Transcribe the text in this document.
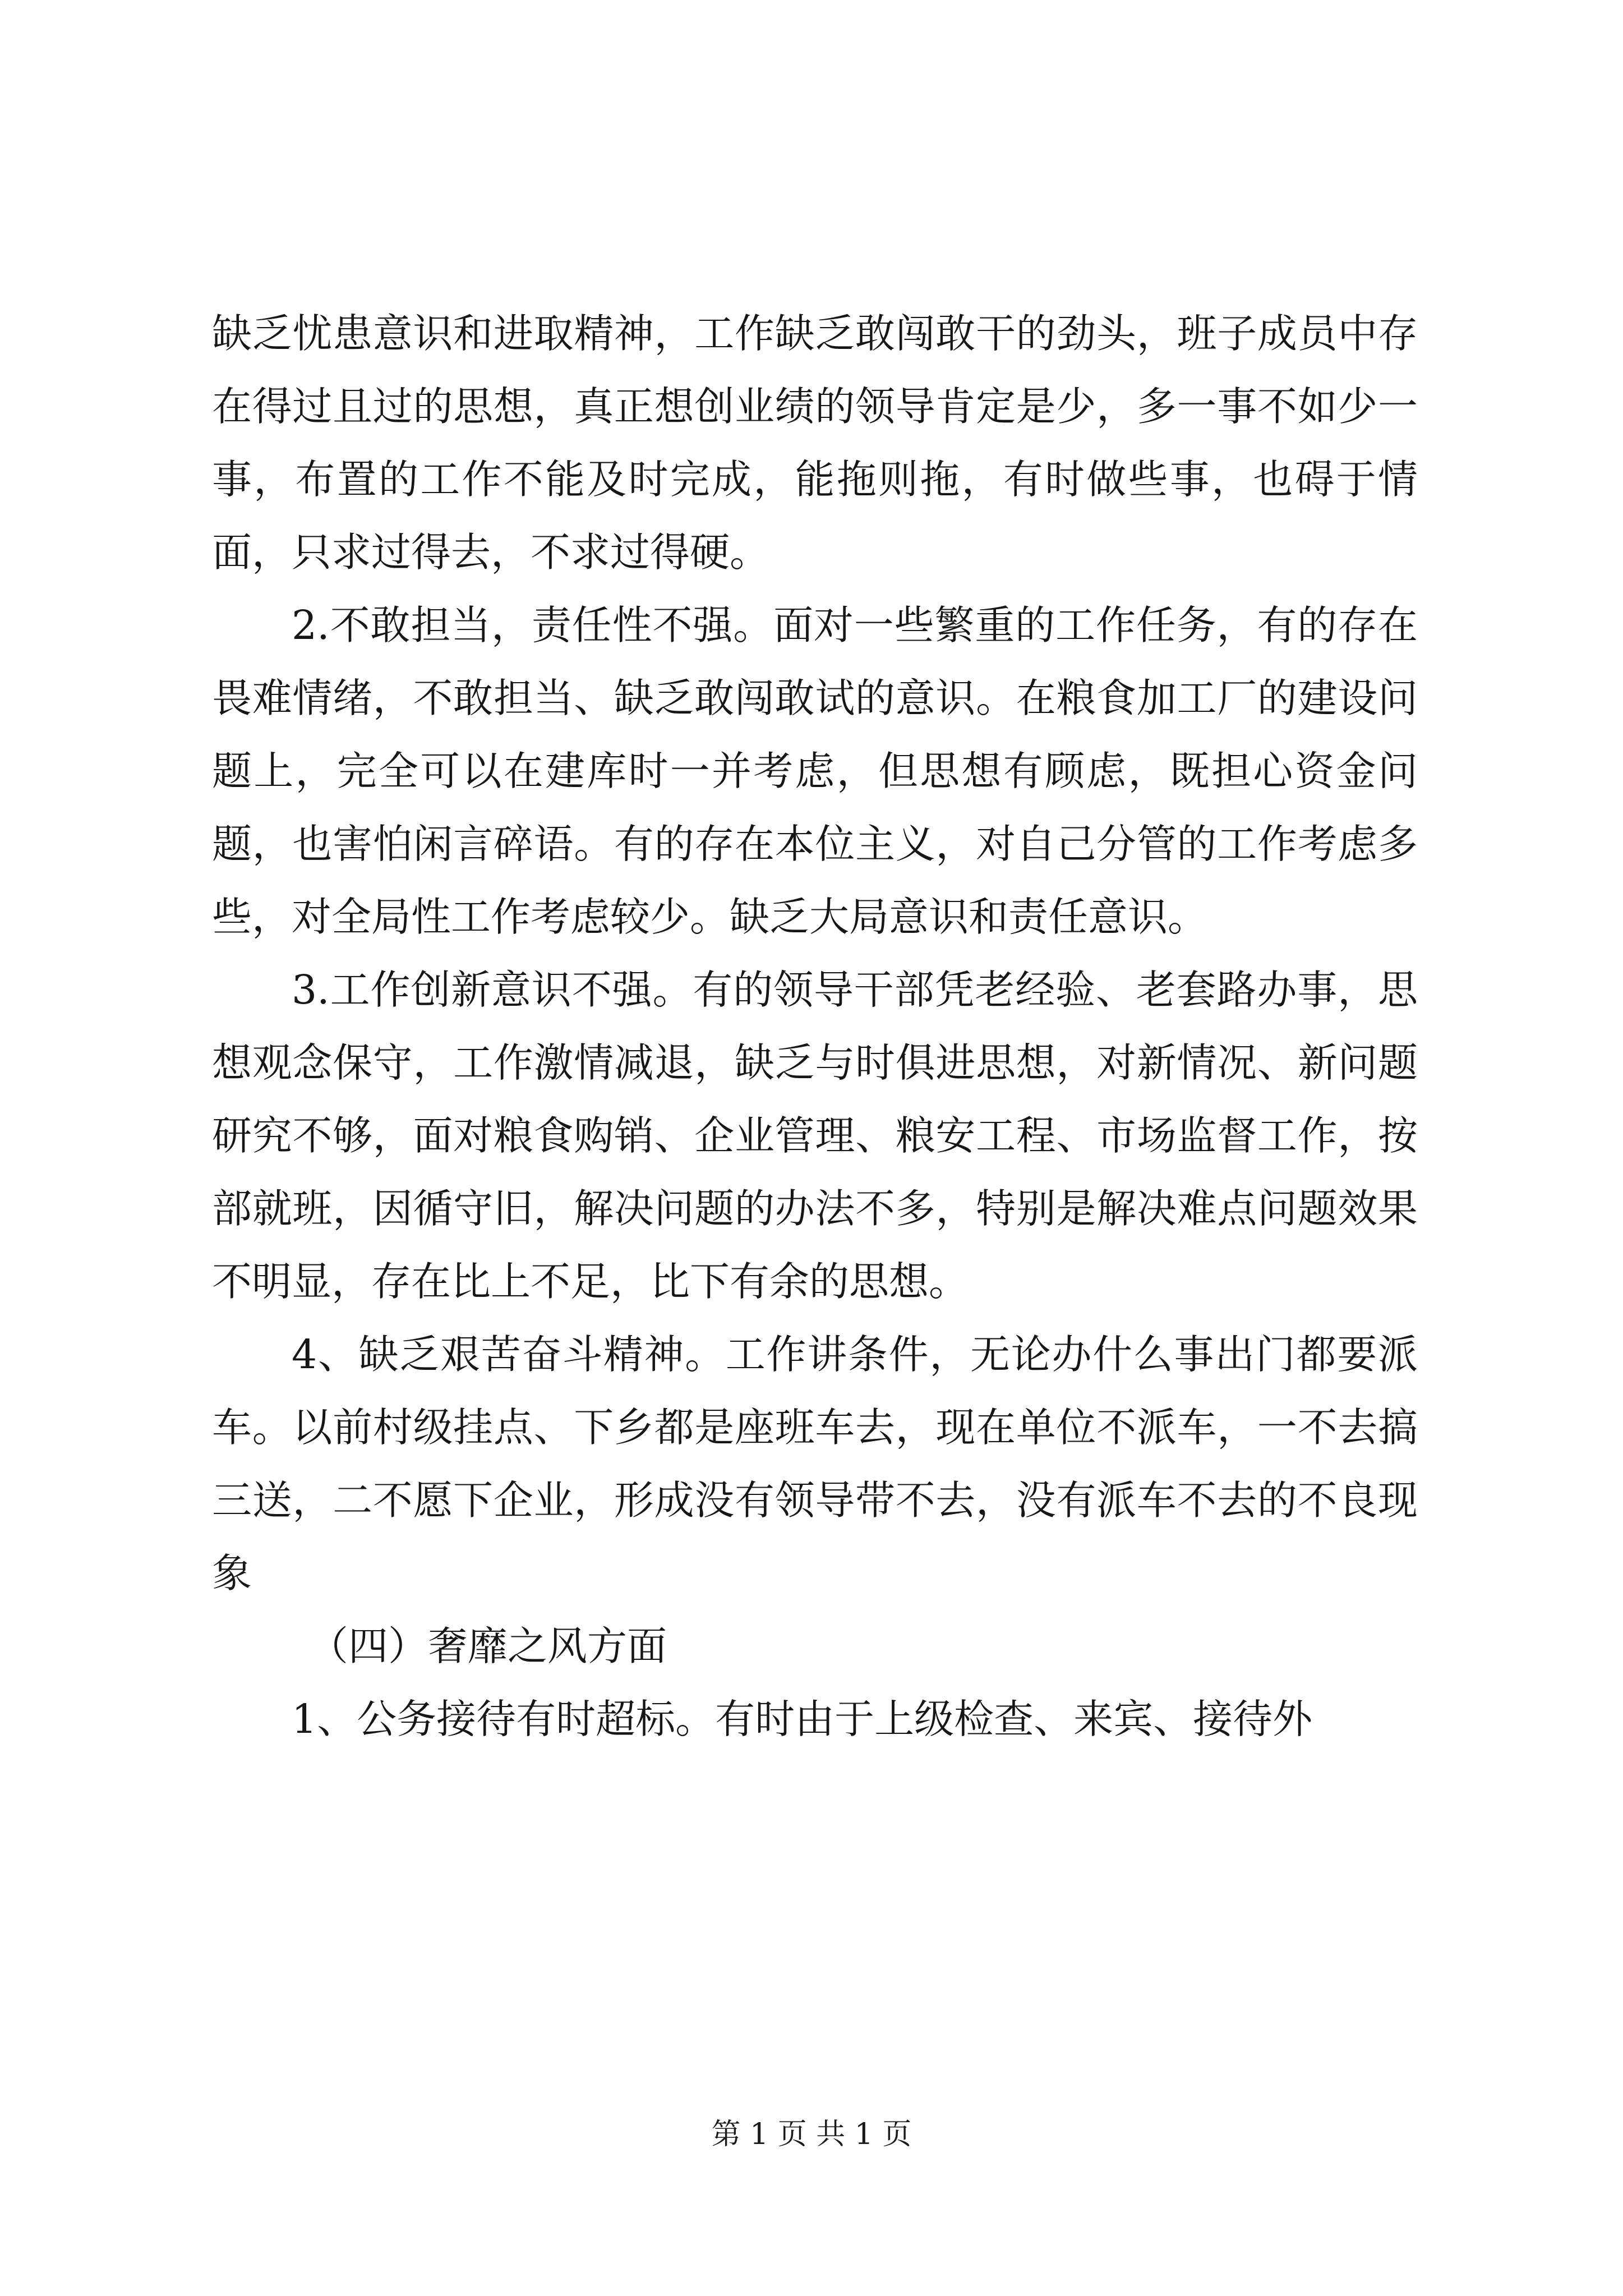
缺乏忧患意识和进取精神，工作缺乏敢闯敢干的劲头，班子成员中存在得过且过的思想，真正想创业绩的领导肯定是少，多一事不如少一事，布置的工作不能及时完成，能拖则拖，有时做些事，也碍于情面，只求过得去，不求过得硬。

2.不敢担当，责任性不强。面对一些繁重的工作任务，有的存在畏难情绪，不敢担当、缺乏敢闯敢试的意识。在粮食加工厂的建设问题上，完全可以在建库时一并考虑，但思想有顾虑，既担心资金问题，也害怕闲言碎语。有的存在本位主义，对自己分管的工作考虑多些，对全局性工作考虑较少。缺乏大局意识和责任意识。

3.工作创新意识不强。有的领导干部凭老经验、老套路办事，思想观念保守，工作激情减退，缺乏与时俱进思想，对新情况、新问题研究不够，面对粮食购销、企业管理、粮安工程、市场监督工作，按部就班，因循守旧，解决问题的办法不多，特别是解决难点问题效果不明显，存在比上不足，比下有余的思想。

4、缺乏艰苦奋斗精神。工作讲条件，无论办什么事出门都要派车。以前村级挂点、下乡都是座班车去，现在单位不派车，一不去搞三送，二不愿下企业，形成没有领导带不去，没有派车不去的不良现象

（四）奢靡之风方面

1、公务接待有时超标。有时由于上级检查、来宾、接待外

第 1 页 共 1 页
